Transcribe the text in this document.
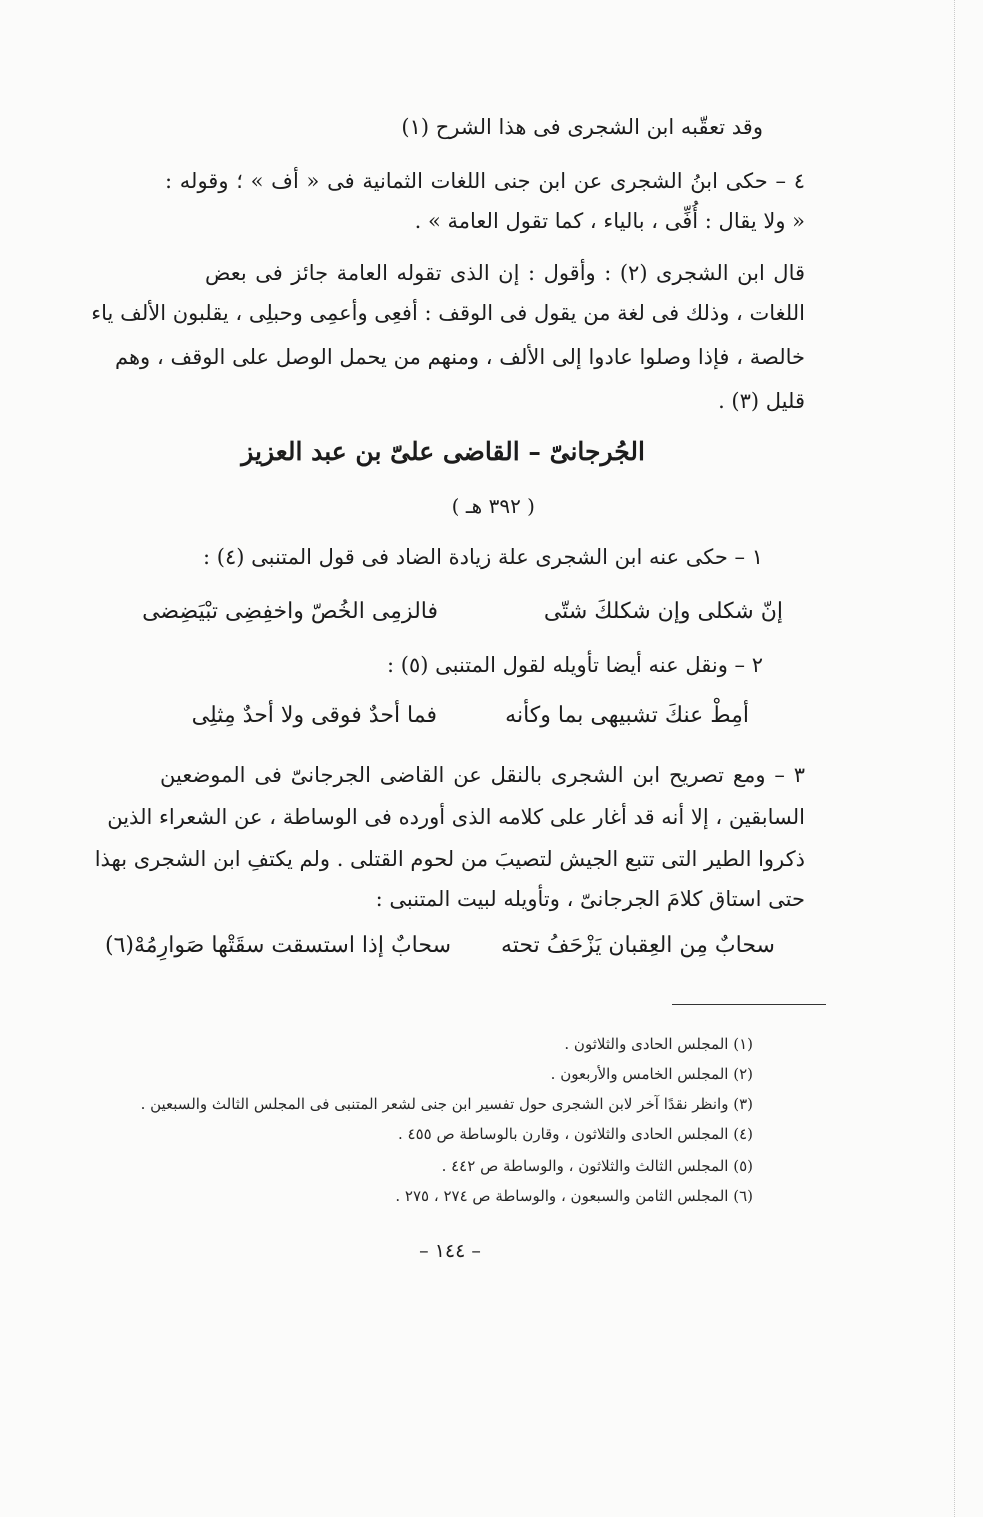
وقد تعقّبه ابن الشجرى فى هذا الشرح (١)
٤ – حكى ابنُ الشجرى عن ابن جنى اللغات الثمانية فى « أف » ؛ وقوله :
« ولا يقال : أُفِّى ، بالياء ، كما تقول العامة » .
قال ابن الشجرى (٢) : وأقول : إن الذى تقوله العامة جائز فى بعض
اللغات ، وذلك فى لغة من يقول فى الوقف : أفعِى وأعمِى وحبلِى ، يقلبون الألف ياء
خالصة ، فإذا وصلوا عادوا إلى الألف ، ومنهم من يحمل الوصل على الوقف ، وهم
قليل (٣) .
الجُرجانىّ – القاضى علىّ بن عبد العزيز
( ٣٩٢ هـ )
١ – حكى عنه ابن الشجرى علة زيادة الضاد فى قول المتنبى (٤) :
إنّ شكلى وإن شكلكَ شتّى
فالزمِى الخُصّ واخفِضِى تبْيَضِضى
٢ – ونقل عنه أيضا تأويله لقول المتنبى (٥) :
أمِطْ عنكَ تشبيهى بما وكأنه
فما أحدٌ فوقى ولا أحدٌ مِثلِى
٣ – ومع تصريح ابن الشجرى بالنقل عن القاضى الجرجانىّ فى الموضعين
السابقين ، إلا أنه قد أغار على كلامه الذى أورده فى الوساطة ، عن الشعراء الذين
ذكروا الطير التى تتبع الجيش لتصيبَ من لحوم القتلى . ولم يكتفِ ابن الشجرى بهذا
حتى استاق كلامَ الجرجانىّ ، وتأويله لبيت المتنبى :
سحابٌ مِن العِقبان يَزْحَفُ تحته
سحابٌ إذا استسقت سقَتْها صَوارِمُهْ(٦)
(١) المجلس الحادى والثلاثون .
(٢) المجلس الخامس والأربعون .
(٣) وانظر نقدًا آخر لابن الشجرى حول تفسير ابن جنى لشعر المتنبى فى المجلس الثالث والسبعين .
(٤) المجلس الحادى والثلاثون ، وقارن بالوساطة ص ٤٥٥ .
(٥) المجلس الثالث والثلاثون ، والوساطة ص ٤٤٢ .
(٦) المجلس الثامن والسبعون ، والوساطة ص ٢٧٤ ، ٢٧٥ .
– ١٤٤ –
